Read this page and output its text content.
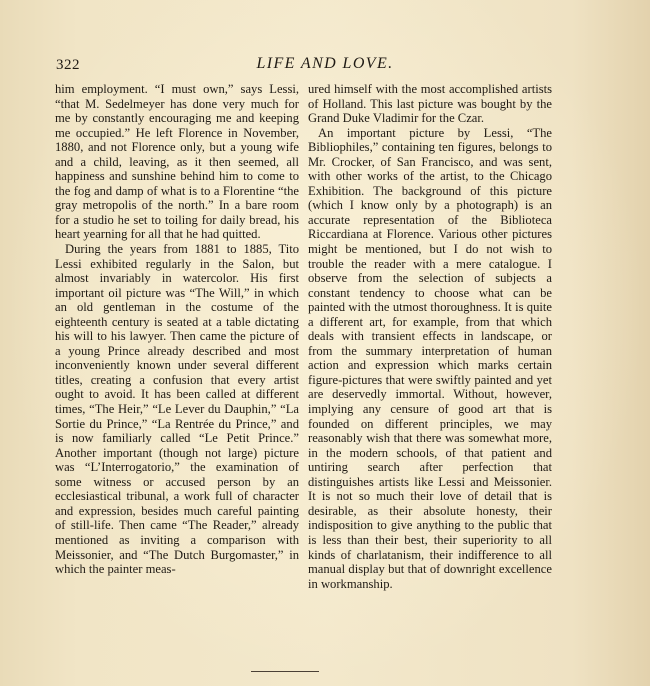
322	LIFE AND LOVE.

him employment. “I must own,” says Lessi, “that M. Sedelmeyer has done very much for me by constantly encouraging me and keeping me occupied.” He left Florence in November, 1880, and not Florence only, but a young wife and a child, leaving, as it then seemed, all happiness and sunshine behind him to come to the fog and damp of what is to a Florentine “the gray metropolis of the north.” In a bare room for a studio he set to toiling for daily bread, his heart yearning for all that he had quitted.

During the years from 1881 to 1885, Tito Lessi exhibited regularly in the Salon, but almost invariably in watercolor. His first important oil picture was “The Will,” in which an old gentleman in the costume of the eighteenth century is seated at a table dictating his will to his lawyer. Then came the picture of a young Prince already described and most inconveniently known under several different titles, creating a confusion that every artist ought to avoid. It has been called at different times, “The Heir,” “Le Lever du Dauphin,” “La Sortie du Prince,” “La Rentrée du Prince,” and is now familiarly called “Le Petit Prince.” Another important (though not large) picture was “L’Interrogatorio,” the examination of some witness or accused person by an ecclesiastical tribunal, a work full of character and expression, besides much careful painting of still-life. Then came “The Reader,” already mentioned as inviting a comparison with Meissonier, and “The Dutch Burgomaster,” in which the painter meas-

ured himself with the most accomplished artists of Holland. This last picture was bought by the Grand Duke Vladimir for the Czar.

An important picture by Lessi, “The Bibliophiles,” containing ten figures, belongs to Mr. Crocker, of San Francisco, and was sent, with other works of the artist, to the Chicago Exhibition. The background of this picture (which I know only by a photograph) is an accurate representation of the Biblioteca Riccardiana at Florence. Various other pictures might be mentioned, but I do not wish to trouble the reader with a mere catalogue. I observe from the selection of subjects a constant tendency to choose what can be painted with the utmost thoroughness. It is quite a different art, for example, from that which deals with transient effects in landscape, or from the summary interpretation of human action and expression which marks certain figure-pictures that were swiftly painted and yet are deservedly immortal. Without, however, implying any censure of good art that is founded on different principles, we may reasonably wish that there was somewhat more, in the modern schools, of that patient and untiring search after perfection that distinguishes artists like Lessi and Meissonier. It is not so much their love of detail that is desirable, as their absolute honesty, their indisposition to give anything to the public that is less than their best, their superiority to all kinds of charlatanism, their indifference to all manual display but that of downright excellence in workmanship.
